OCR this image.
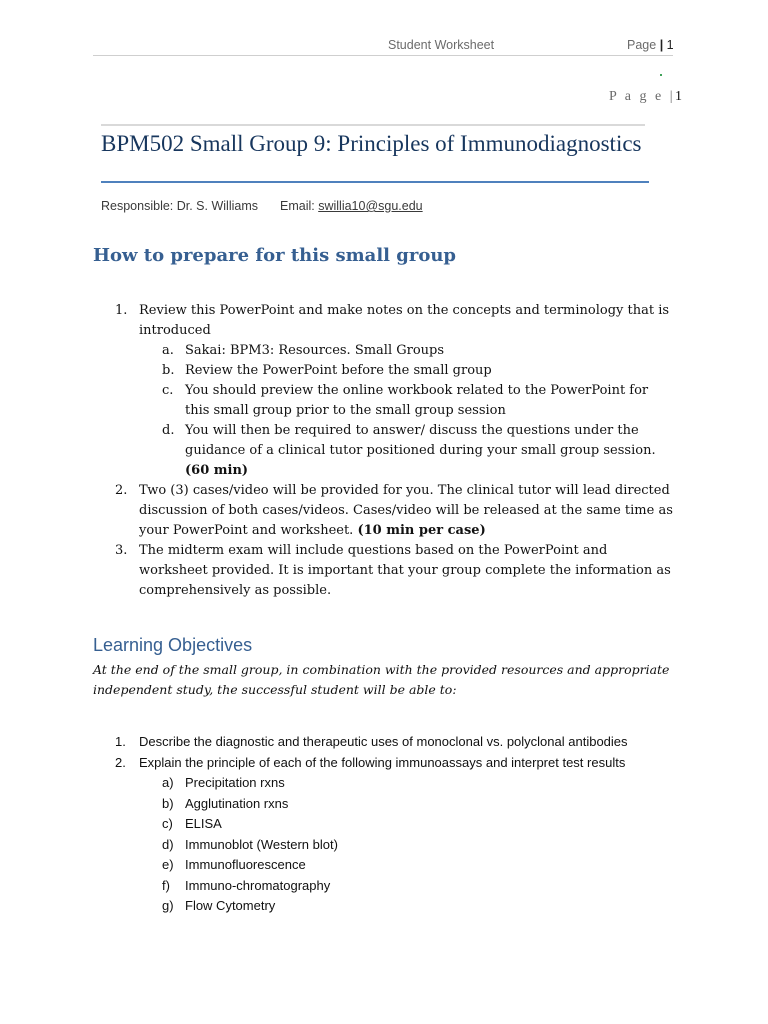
Student Worksheet	Page | 1
P a g e |1
BPM502 Small Group 9: Principles of Immunodiagnostics
Responsible: Dr. S. Williams Email: swillia10@sgu.edu
How to prepare for this small group
1. Review this PowerPoint and make notes on the concepts and terminology that is
introduced
a. Sakai: BPM3: Resources. Small Groups
b. Review the PowerPoint before the small group
c. You should preview the online workbook related to the PowerPoint for
this small group prior to the small group session
d. You will then be required to answer/ discuss the questions under the
guidance of a clinical tutor positioned during your small group session.
(60 min)
2. Two (3) cases/video will be provided for you. The clinical tutor will lead directed
discussion of both cases/videos. Cases/video will be released at the same time as
your PowerPoint and worksheet. (10 min per case)
3. The midterm exam will include questions based on the PowerPoint and
worksheet provided. It is important that your group complete the information as
comprehensively as possible.
Learning Objectives
At the end of the small group, in combination with the provided resources and appropriate
independent study, the successful student will be able to:
1. Describe the diagnostic and therapeutic uses of monoclonal vs. polyclonal antibodies
2. Explain the principle of each of the following immunoassays and interpret test results
a) Precipitation rxns
b) Agglutination rxns
c) ELISA
d) Immunoblot (Western blot)
e) Immunofluorescence
f) Immuno-chromatography
g) Flow Cytometry
